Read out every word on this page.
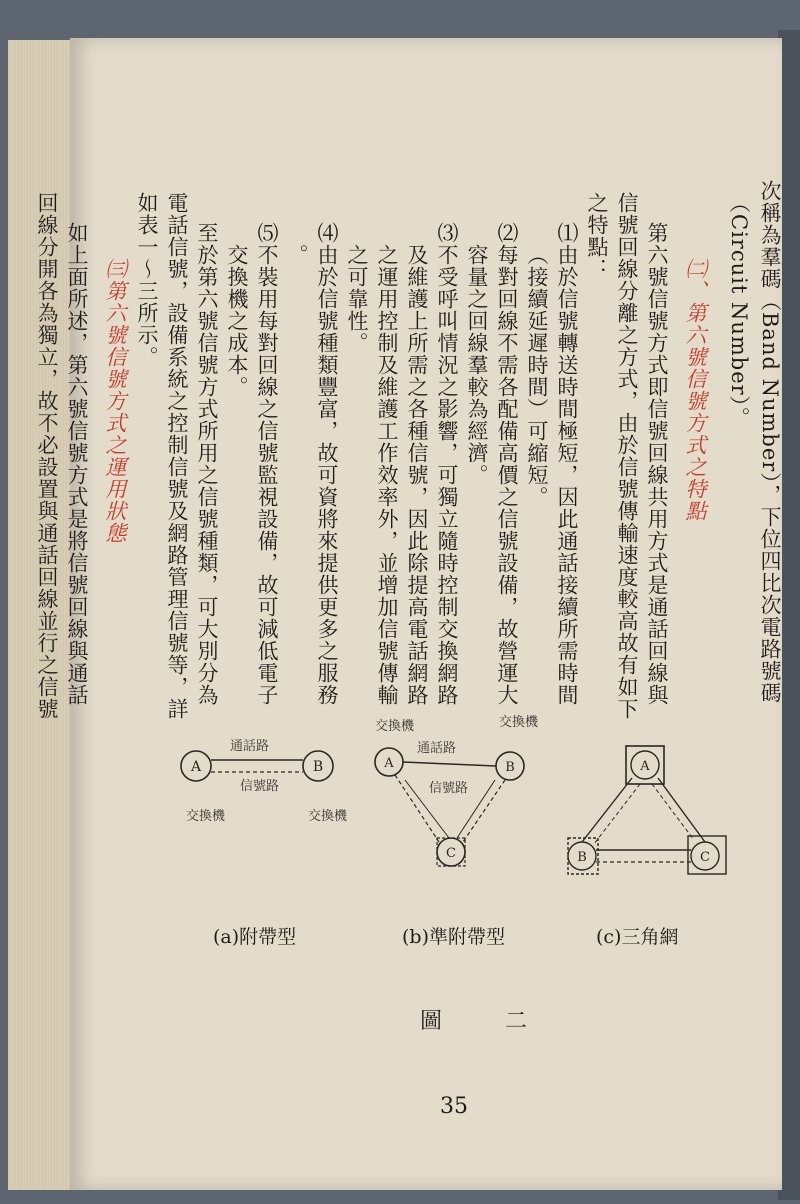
次稱為羣碼（Band Number），下位四比次電路號碼
（Circuit Number）。
㈡、第六號信號方式之特點
第六號信號方式即信號回線共用方式是通話回線與
信號回線分離之方式，由於信號傳輸速度較高故有如下
之特點：
⑴由於信號轉送時間極短，因此通話接續所需時間
（接續延遲時間）可縮短。
⑵每對回線不需各配備高價之信號設備，故營運大
容量之回線羣較為經濟。
⑶不受呼叫情況之影響，可獨立隨時控制交換網路
及維護上所需之各種信號，因此除提高電話網路
之運用控制及維護工作效率外，並增加信號傳輸
之可靠性。
⑷由於信號種類豐富，故可資將來提供更多之服務
。
⑸不裝用每對回線之信號監視設備，故可減低電子
交換機之成本。
至於第六號信號方式所用之信號種類，可大別分為
電話信號，設備系統之控制信號及網路管理信號等，詳
如表一～三所示。
㈢第六號信號方式之運用狀態
如上面所述，第六號信號方式是將信號回線與通話
回線分開各為獨立，故不必設置與通話回線並行之信號
A	B
通話路
信號路
交換機	交換機
A	B
C
通話路
信號路
交換機	交換機
A
B	C
(a)附帶型	(b)準附帶型	(c)三角網
圖 二
35
